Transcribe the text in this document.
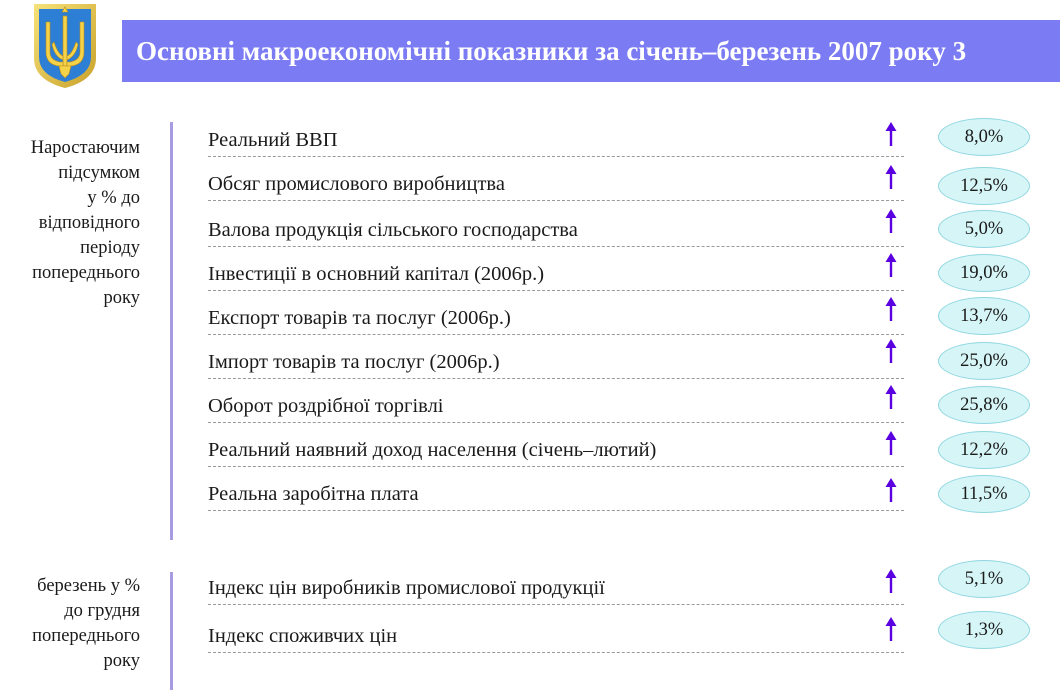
Основні макроекономічні показники за січень–березень 2007 року 3
Наростаючим
підсумком
у % до
відповідного
періоду
попереднього
року
березень у %
до грудня
попереднього
року
Реальний ВВП
Обсяг промислового виробництва
Валова продукція сільського господарства
Інвестиції в основний капітал (2006р.)
Експорт товарів та послуг (2006р.)
Імпорт товарів та послуг (2006р.)
Оборот роздрібної торгівлі
Реальний наявний доход населення (січень–лютий)
Реальна заробітна плата
Індекс цін виробників промислової продукції
Індекс споживчих цін
8,0%
12,5%
5,0%
19,0%
13,7%
25,0%
25,8%
12,2%
11,5%
5,1%
1,3%
